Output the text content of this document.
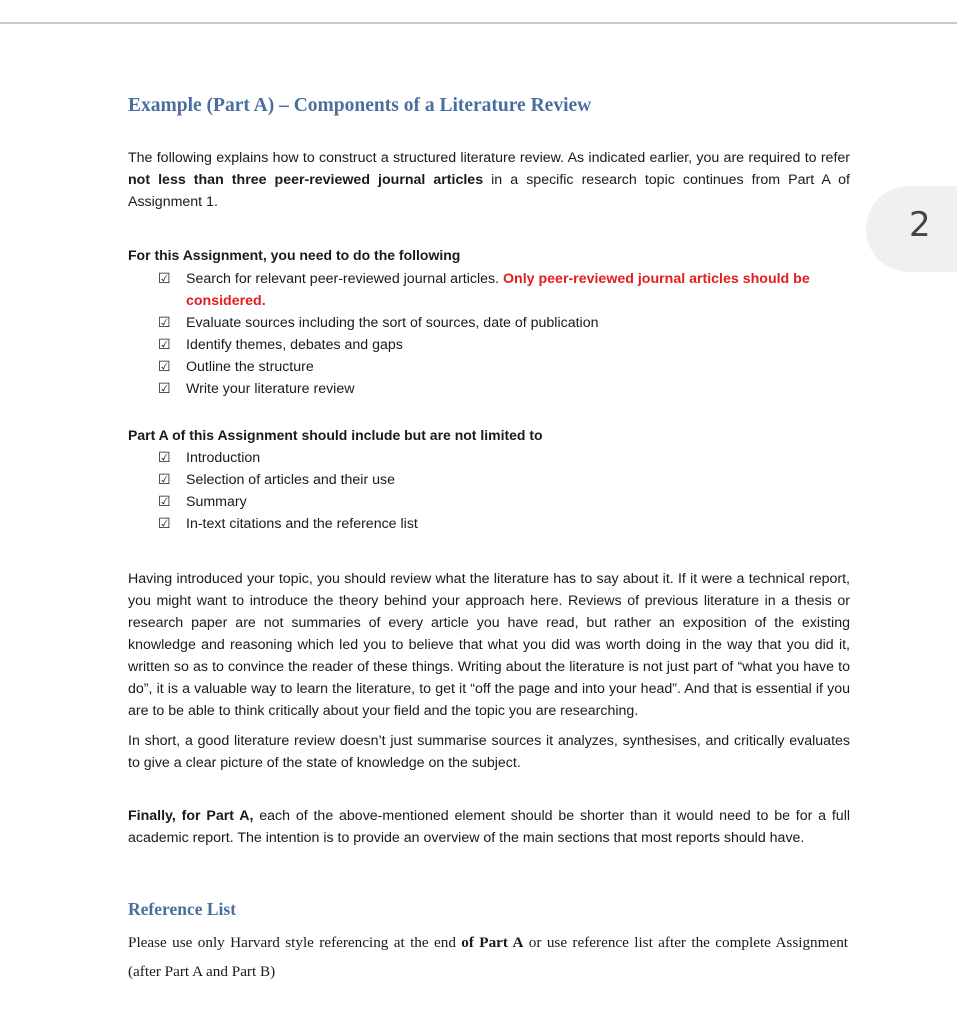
2
Example (Part A) – Components of a Literature Review

The following explains how to construct a structured literature review. As indicated earlier, you are required to refer not less than three peer-reviewed journal articles in a specific research topic continues from Part A of Assignment 1.

For this Assignment, you need to do the following

☑	Search for relevant peer-reviewed journal articles. Only peer-reviewed journal articles should be considered.
☑	Evaluate sources including the sort of sources, date of publication
☑	Identify themes, debates and gaps
☑	Outline the structure
☑	Write your literature review

Part A of this Assignment should include but are not limited to

☑	Introduction
☑	Selection of articles and their use
☑	Summary
☑	In-text citations and the reference list

Having introduced your topic, you should review what the literature has to say about it. If it were a technical report, you might want to introduce the theory behind your approach here. Reviews of previous literature in a thesis or research paper are not summaries of every article you have read, but rather an exposition of the existing knowledge and reasoning which led you to believe that what you did was worth doing in the way that you did it, written so as to convince the reader of these things. Writing about the literature is not just part of “what you have to do”, it is a valuable way to learn the literature, to get it “off the page and into your head”. And that is essential if you are to be able to think critically about your field and the topic you are researching.

In short, a good literature review doesn’t just summarise sources it analyzes, synthesises, and critically evaluates to give a clear picture of the state of knowledge on the subject.

Finally, for Part A, each of the above-mentioned element should be shorter than it would need to be for a full academic report. The intention is to provide an overview of the main sections that most reports should have.

Reference List

Please use only Harvard style referencing at the end of Part A or use reference list after the complete Assignment (after Part A and Part B)
